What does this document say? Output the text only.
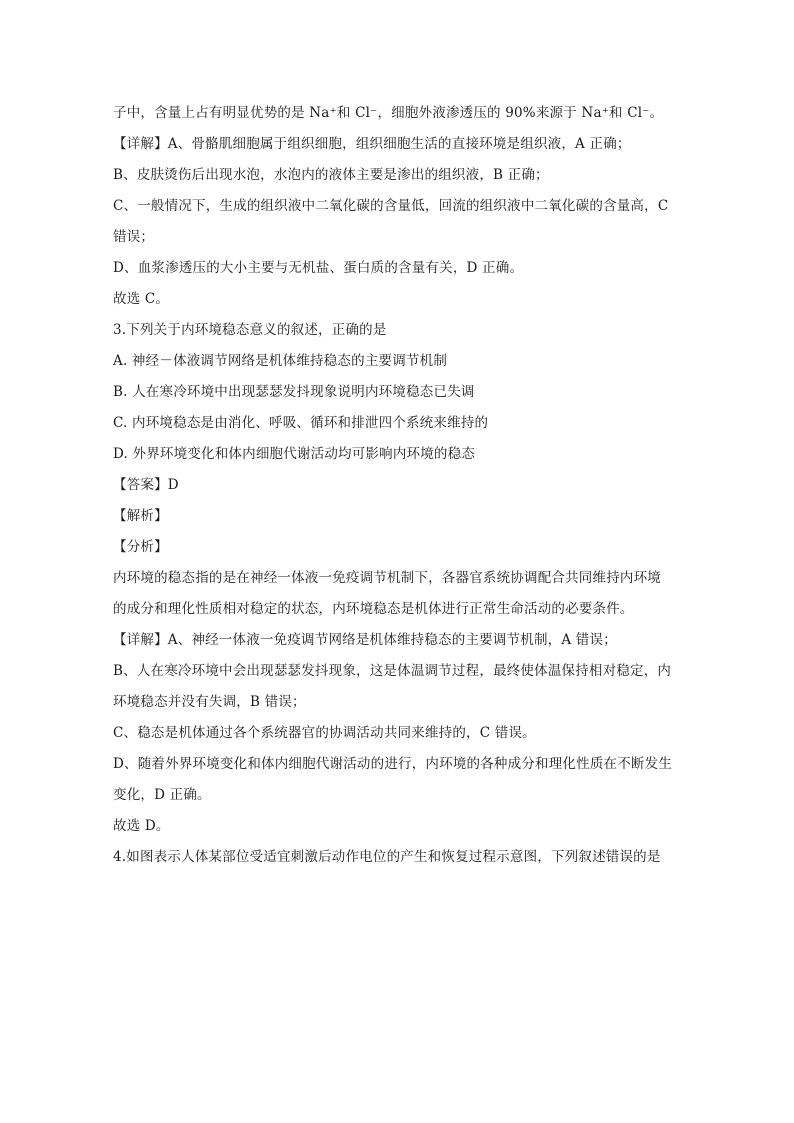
子中，含量上占有明显优势的是 Na⁺和 Cl⁻，细胞外液渗透压的 90%来源于 Na⁺和 Cl⁻。
【详解】A、骨骼肌细胞属于组织细胞，组织细胞生活的直接环境是组织液，A 正确；
B、皮肤烫伤后出现水泡，水泡内的液体主要是渗出的组织液，B 正确；
C、一般情况下，生成的组织液中二氧化碳的含量低，回流的组织液中二氧化碳的含量高，C
错误；
D、血浆渗透压的大小主要与无机盐、蛋白质的含量有关，D 正确。
故选 C。
3.下列关于内环境稳态意义的叙述，正确的是
A. 神经－体液调节网络是机体维持稳态的主要调节机制
B. 人在寒冷环境中出现瑟瑟发抖现象说明内环境稳态已失调
C. 内环境稳态是由消化、呼吸、循环和排泄四个系统来维持的
D. 外界环境变化和体内细胞代谢活动均可影响内环境的稳态
【答案】D
【解析】
【分析】
内环境的稳态指的是在神经一体液一免疫调节机制下，各器官系统协调配合共同维持内环境
的成分和理化性质相对稳定的状态，内环境稳态是机体进行正常生命活动的必要条件。
【详解】A、神经一体液一免疫调节网络是机体维持稳态的主要调节机制，A 错误；
B、人在寒冷环境中会出现瑟瑟发抖现象，这是体温调节过程，最终使体温保持相对稳定，内
环境稳态并没有失调，B 错误；
C、稳态是机体通过各个系统器官的协调活动共同来维持的，C 错误。
D、随着外界环境变化和体内细胞代谢活动的进行，内环境的各种成分和理化性质在不断发生
变化，D 正确。
故选 D。
4.如图表示人体某部位受适宜刺激后动作电位的产生和恢复过程示意图，下列叙述错误的是
